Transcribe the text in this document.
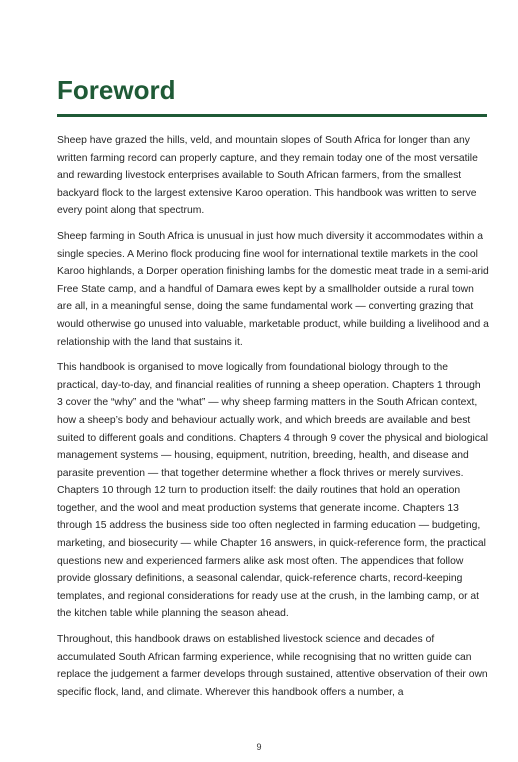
Foreword

Sheep have grazed the hills, veld, and mountain slopes of South Africa for longer than any written farming record can properly capture, and they remain today one of the most versatile and rewarding livestock enterprises available to South African farmers, from the smallest backyard flock to the largest extensive Karoo operation. This handbook was written to serve every point along that spectrum.

Sheep farming in South Africa is unusual in just how much diversity it accommodates within a single species. A Merino flock producing fine wool for international textile markets in the cool Karoo highlands, a Dorper operation finishing lambs for the domestic meat trade in a semi-arid Free State camp, and a handful of Damara ewes kept by a smallholder outside a rural town are all, in a meaningful sense, doing the same fundamental work — converting grazing that would otherwise go unused into valuable, marketable product, while building a livelihood and a relationship with the land that sustains it.

This handbook is organised to move logically from foundational biology through to the practical, day-to-day, and financial realities of running a sheep operation. Chapters 1 through 3 cover the “why” and the “what” — why sheep farming matters in the South African context, how a sheep’s body and behaviour actually work, and which breeds are available and best suited to different goals and conditions. Chapters 4 through 9 cover the physical and biological management systems — housing, equipment, nutrition, breeding, health, and disease and parasite prevention — that together determine whether a flock thrives or merely survives. Chapters 10 through 12 turn to production itself: the daily routines that hold an operation together, and the wool and meat production systems that generate income. Chapters 13 through 15 address the business side too often neglected in farming education — budgeting, marketing, and biosecurity — while Chapter 16 answers, in quick-reference form, the practical questions new and experienced farmers alike ask most often. The appendices that follow provide glossary definitions, a seasonal calendar, quick-reference charts, record-keeping templates, and regional considerations for ready use at the crush, in the lambing camp, or at the kitchen table while planning the season ahead.

Throughout, this handbook draws on established livestock science and decades of accumulated South African farming experience, while recognising that no written guide can replace the judgement a farmer develops through sustained, attentive observation of their own specific flock, land, and climate. Wherever this handbook offers a number, a

9
